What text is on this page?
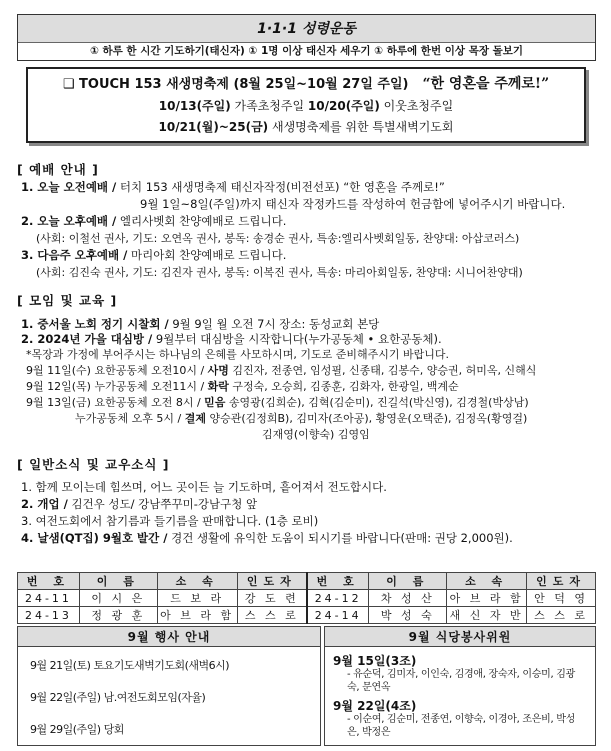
1·1·1 성령운동
① 하루 한 시간 기도하기(태신자) ① 1명 이상 태신자 세우기 ① 하루에 한번 이상 목장 돌보기
❑ TOUCH 153 새생명축제 (8월 25일~10월 27일 주일) “한 영혼을 주께로!”
10/13(주일) 가족초청주일 10/20(주일) 이웃초청주일
10/21(월)~25(금) 새생명축제를 위한 특별새벽기도회
[ 예배 안내 ]
1. 오늘 오전예배 / 터치 153 새생명축제 태신자작정(비전선포) “한 영혼을 주께로!”
9월 1일~8일(주일)까지 태신자 작정카드를 작성하여 헌금함에 넣어주시기 바랍니다.
2. 오늘 오후예배 / 엘리사벳회 찬양예배로 드립니다.
(사회: 이철선 권사, 기도: 오연옥 권사, 봉독: 송경순 권사, 특송:엘리사벳회일동, 찬양대: 아삽코러스)
3. 다음주 오후예배 / 마리아회 찬양예배로 드립니다.
(사회: 김진숙 권사, 기도: 김진자 권사, 봉독: 이복진 권사, 특송: 마리아회일동, 찬양대: 시니어찬양대)
[ 모임 및 교육 ]
1. 중서울 노회 정기 시찰회 / 9월 9일 월 오전 7시 장소: 동성교회 본당
2. 2024년 가을 대심방 / 9월부터 대심방을 시작합니다(누가공동체 • 요한공동체).
*목장과 가정에 부어주시는 하나님의 은혜를 사모하시며, 기도로 준비해주시기 바랍니다.
9월 11일(수) 요한공동체 오전10시 / 사명 김진자, 전종연, 임성필, 신종태, 김봉수, 양승권, 허미옥, 신해식
9월 12일(목) 누가공동체 오전11시 / 화락 구정숙, 오승희, 김종훈, 김화자, 한광일, 백계순
9월 13일(금) 요한공동체 오전 8시 / 믿음 송영광(김희순), 김혁(김순미), 진길석(박신영), 김경철(박상남)
누가공동체 오후 5시 / 결제 양승관(김정희B), 김미자(조아공), 황영운(오택준), 김정옥(황영걸)
김재영(이향숙) 김영임
[ 일반소식 및 교우소식 ]
1. 함께 모이는데 힘쓰며, 어느 곳이든 늘 기도하며, 흩어져서 전도합시다.
2. 개업 / 김건우 성도/ 강남쭈꾸미-강남구청 앞
3. 여전도회에서 참기름과 들기름을 판매합니다. (1층 로비)
4. 날샘(QT집) 9월호 발간 / 경건 생활에 유익한 도움이 되시기를 바랍니다(판매: 권당 2,000원).
번 호	이 름	소 속	인도자	번 호	이 름	소 속	인도자
24-11	이 시 은	드 보 라	강 도 련	24-12	차 성 산	아 브 라 함	안 덕 영
24-13	정 광 훈	아 브 라 함	스 스 로	24-14	박 성 숙	새 신 자 반	스 스 로
9월 행사 안내
9월 21일(토) 토요기도새벽기도회(새벽6시)
9월 22일(주일) 남.여전도회모임(자율)
9월 29일(주일) 당회
9월 식당봉사위원
9월 15일(3조)
- 유순덕, 김미자, 이인숙, 김경애, 장숙자, 이승미, 김광숙, 문연옥
9월 22일(4조)
- 이순여, 김순미, 전종연, 이향숙, 이경아, 조은비, 박성은, 박정은
